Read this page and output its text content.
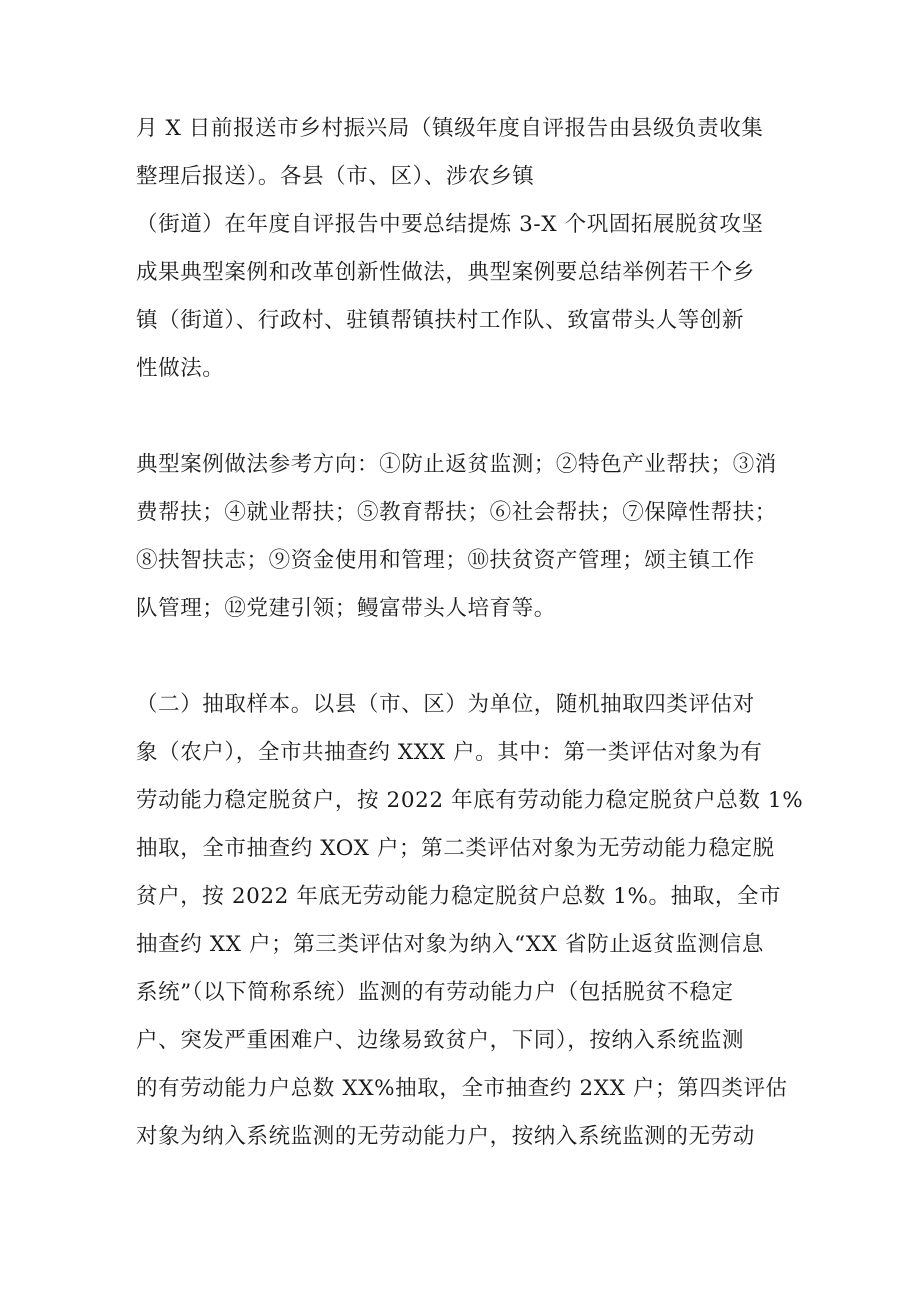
月 X 日前报送市乡村振兴局（镇级年度自评报告由县级负责收集
整理后报送）。各县（市、区）、涉农乡镇
（街道）在年度自评报告中要总结提炼 3-X 个巩固拓展脱贫攻坚
成果典型案例和改革创新性做法，典型案例要总结举例若干个乡
镇（街道）、行政村、驻镇帮镇扶村工作队、致富带头人等创新
性做法。
典型案例做法参考方向：①防止返贫监测；②特色产业帮扶；③消
费帮扶；④就业帮扶；⑤教育帮扶；⑥社会帮扶；⑦保障性帮扶；
⑧扶智扶志；⑨资金使用和管理；⑩扶贫资产管理；颂主镇工作
队管理；⑫党建引领；鳗富带头人培育等。
（二）抽取样本。以县（市、区）为单位，随机抽取四类评估对
象（农户），全市共抽查约 XXX 户。其中：第一类评估对象为有
劳动能力稳定脱贫户，按 2022 年底有劳动能力稳定脱贫户总数 1%
抽取，全市抽查约 XOX 户；第二类评估对象为无劳动能力稳定脱
贫户，按 2022 年底无劳动能力稳定脱贫户总数 1%。抽取，全市
抽查约 XX 户；第三类评估对象为纳入“XX 省防止返贫监测信息
系统”（以下简称系统）监测的有劳动能力户（包括脱贫不稳定
户、突发严重困难户、边缘易致贫户，下同），按纳入系统监测
的有劳动能力户总数 XX%抽取，全市抽查约 2XX 户；第四类评估
对象为纳入系统监测的无劳动能力户，按纳入系统监测的无劳动
